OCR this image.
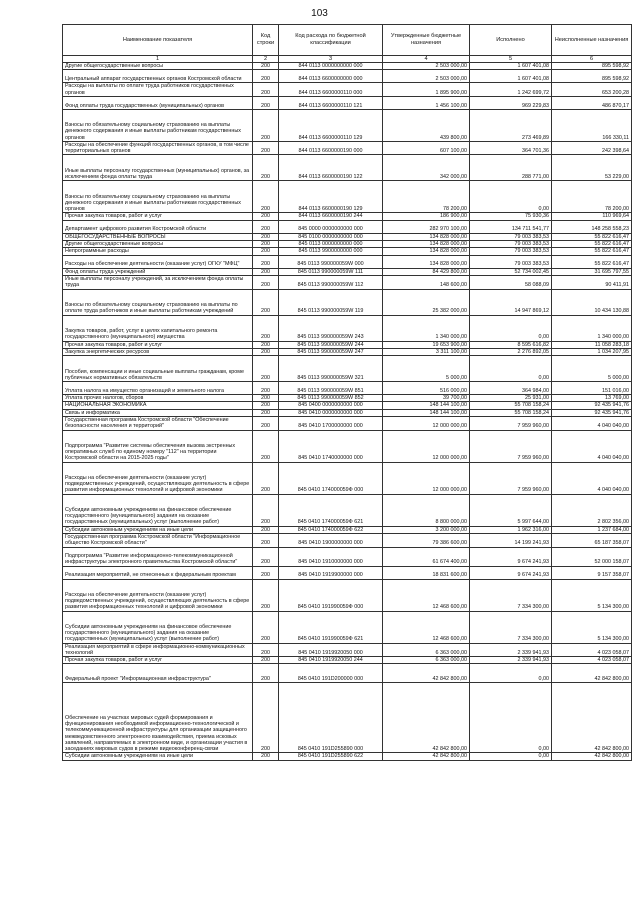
103
Наименование показателя	Код строки	Код расхода по бюджетной классификации	Утвержденные бюджетные назначения	Исполнено	Неисполненные назначения
1	2	3	4	5	6
Другие общегосударственные вопросы	200	844 0113 0000000000 000	2 503 000,00	1 607 401,08	895 598,92
Центральный аппарат государственных органов Костромской области	200	844 0113 6600000000 000	2 503 000,00	1 607 401,08	895 598,92
Расходы на выплаты по оплате труда работников государственных органов	200	844 0113 6600000110 000	1 895 900,00	1 242 699,72	653 200,28
Фонд оплаты труда государственных (муниципальных) органов	200	844 0113 6600000110 121	1 456 100,00	969 229,83	486 870,17
Взносы по обязательному социальному страхованию на выплаты денежного содержания и иные выплаты работникам государственных органов	200	844 0113 6600000110 129	439 800,00	273 469,89	166 330,11
Расходы на обеспечение функций государственных органов, в том числе территориальных органов	200	844 0113 6600000190 000	607 100,00	364 701,36	242 398,64
Иные выплаты персоналу государственных (муниципальных) органов, за исключением фонда оплаты труда	200	844 0113 6600000190 122	342 000,00	288 771,00	53 229,00
Взносы по обязательному социальному страхованию на выплаты денежного содержания и иные выплаты работникам государственных органов	200	844 0113 6600000190 129	78 200,00	0,00	78 200,00
Прочая закупка товаров, работ и услуг	200	844 0113 6600000190 244	186 900,00	75 930,36	110 969,64
Департамент цифрового развития Костромской области	200	845 0000 0000000000 000	282 970 100,00	134 711 541,77	148 258 558,23
ОБЩЕГОСУДАРСТВЕННЫЕ ВОПРОСЫ	200	845 0100 0000000000 000	134 828 000,00	79 003 383,53	55 822 616,47
Другие общегосударственные вопросы	200	845 0113 0000000000 000	134 828 000,00	79 003 383,53	55 822 616,47
Непрограммные расходы	200	845 0113 9900000000 000	134 828 000,00	79 003 383,53	55 822 616,47
Расходы на обеспечение деятельности (оказание услуг) ОГКУ "МФЦ"	200	845 0113 990000059W 000	134 828 000,00	79 003 383,53	55 822 616,47
Фонд оплаты труда учреждений	200	845 0113 990000059W 111	84 429 800,00	52 734 002,45	31 695 797,55
Иные выплаты персоналу учреждений, за исключением фонда оплаты труда	200	845 0113 990000059W 112	148 600,00	58 088,09	90 411,91
Взносы по обязательному социальному страхованию на выплаты по оплате труда работников и иные выплаты работникам учреждений	200	845 0113 990000059W 119	25 382 000,00	14 947 869,12	10 434 130,88
Закупка товаров, работ, услуг в целях капитального ремонта государственного (муниципального) имущества	200	845 0113 990000059W 243	1 340 000,00	0,00	1 340 000,00
Прочая закупка товаров, работ и услуг	200	845 0113 990000059W 244	19 653 900,00	8 595 616,82	11 058 283,18
Закупка энергетических ресурсов	200	845 0113 990000059W 247	3 311 100,00	2 276 892,05	1 034 207,95
Пособия, компенсации и иные социальные выплаты гражданам, кроме публичных нормативных обязательств	200	845 0113 990000059W 321	5 000,00	0,00	5 000,00
Уплата налога на имущество организаций и земельного налога	200	845 0113 990000059W 851	516 000,00	364 984,00	151 016,00
Уплата прочих налогов, сборов	200	845 0113 990000059W 852	39 700,00	25 931,00	13 769,00
НАЦИОНАЛЬНАЯ ЭКОНОМИКА	200	845 0400 0000000000 000	148 144 100,00	55 708 158,24	92 435 941,76
Связь и информатика	200	845 0410 0000000000 000	148 144 100,00	55 708 158,24	92 435 941,76
Государственная программа Костромской области "Обеспечение безопасности населения и территорий"	200	845 0410 1700000000 000	12 000 000,00	7 959 960,00	4 040 040,00
Подпрограмма "Развитие системы обеспечения вызова экстренных оперативных служб по единому номеру "112" на территории Костромской области на 2015-2025 годы"	200	845 0410 1740000000 000	12 000 000,00	7 959 960,00	4 040 040,00
Расходы на обеспечение деятельности (оказание услуг) подведомственных учреждений, осуществляющих деятельность в сфере развития информационных технологий и цифровой экономики	200	845 0410 174000059Ф 000	12 000 000,00	7 959 960,00	4 040 040,00
Субсидии автономным учреждениям на финансовое обеспечение государственного (муниципального) задания на оказание государственных (муниципальных) услуг (выполнение работ)	200	845 0410 174000059Ф 621	8 800 000,00	5 997 644,00	2 802 356,00
Субсидии автономным учреждениям на иные цели	200	845 0410 174000059Ф 622	3 200 000,00	1 962 316,00	1 237 684,00
Государственная программа Костромской области "Информационное общество Костромской области"	200	845 0410 1900000000 000	79 386 600,00	14 199 241,93	65 187 358,07
Подпрограмма "Развитие информационно-телекоммуникационной инфраструктуры электронного правительства Костромской области"	200	845 0410 1910000000 000	61 674 400,00	9 674 241,93	52 000 158,07
Реализация мероприятий, не отнесенных к федеральным проектам	200	845 0410 1919900000 000	18 831 600,00	9 674 241,93	9 157 358,07
Расходы на обеспечение деятельности (оказание услуг) подведомственных учреждений, осуществляющих деятельность в сфере развития информационных технологий и цифровой экономики	200	845 0410 191990059Ф 000	12 468 600,00	7 334 300,00	5 134 300,00
Субсидии автономным учреждениям на финансовое обеспечение государственного (муниципального) задания на оказание государственных (муниципальных) услуг (выполнение работ)	200	845 0410 191990059Ф 621	12 468 600,00	7 334 300,00	5 134 300,00
Реализация мероприятий в сфере информационно-коммуникационных технологий	200	845 0410 1919920050 000	6 363 000,00	2 339 941,93	4 023 058,07
Прочая закупка товаров, работ и услуг	200	845 0410 1919920050 244	6 363 000,00	2 339 941,93	4 023 058,07
Федеральный проект "Информационная инфраструктура"	200	845 0410 191D200000 000	42 842 800,00	0,00	42 842 800,00
Обеспечение на участках мировых судей формирования и функционирования необходимой информационно-технологической и телекоммуникационной инфраструктуры для организации защищенного межведомственного электронного взаимодействия, приема исковых заявлений, направляемых в электронном виде, и организации участия в заседаниях мировых судов в режиме видеоконференц-связи	200	845 0410 191D255890 000	42 842 800,00	0,00	42 842 800,00
Субсидии автономным учреждениям на иные цели	200	845 0410 191D255890 622	42 842 800,00	0,00	42 842 800,00
